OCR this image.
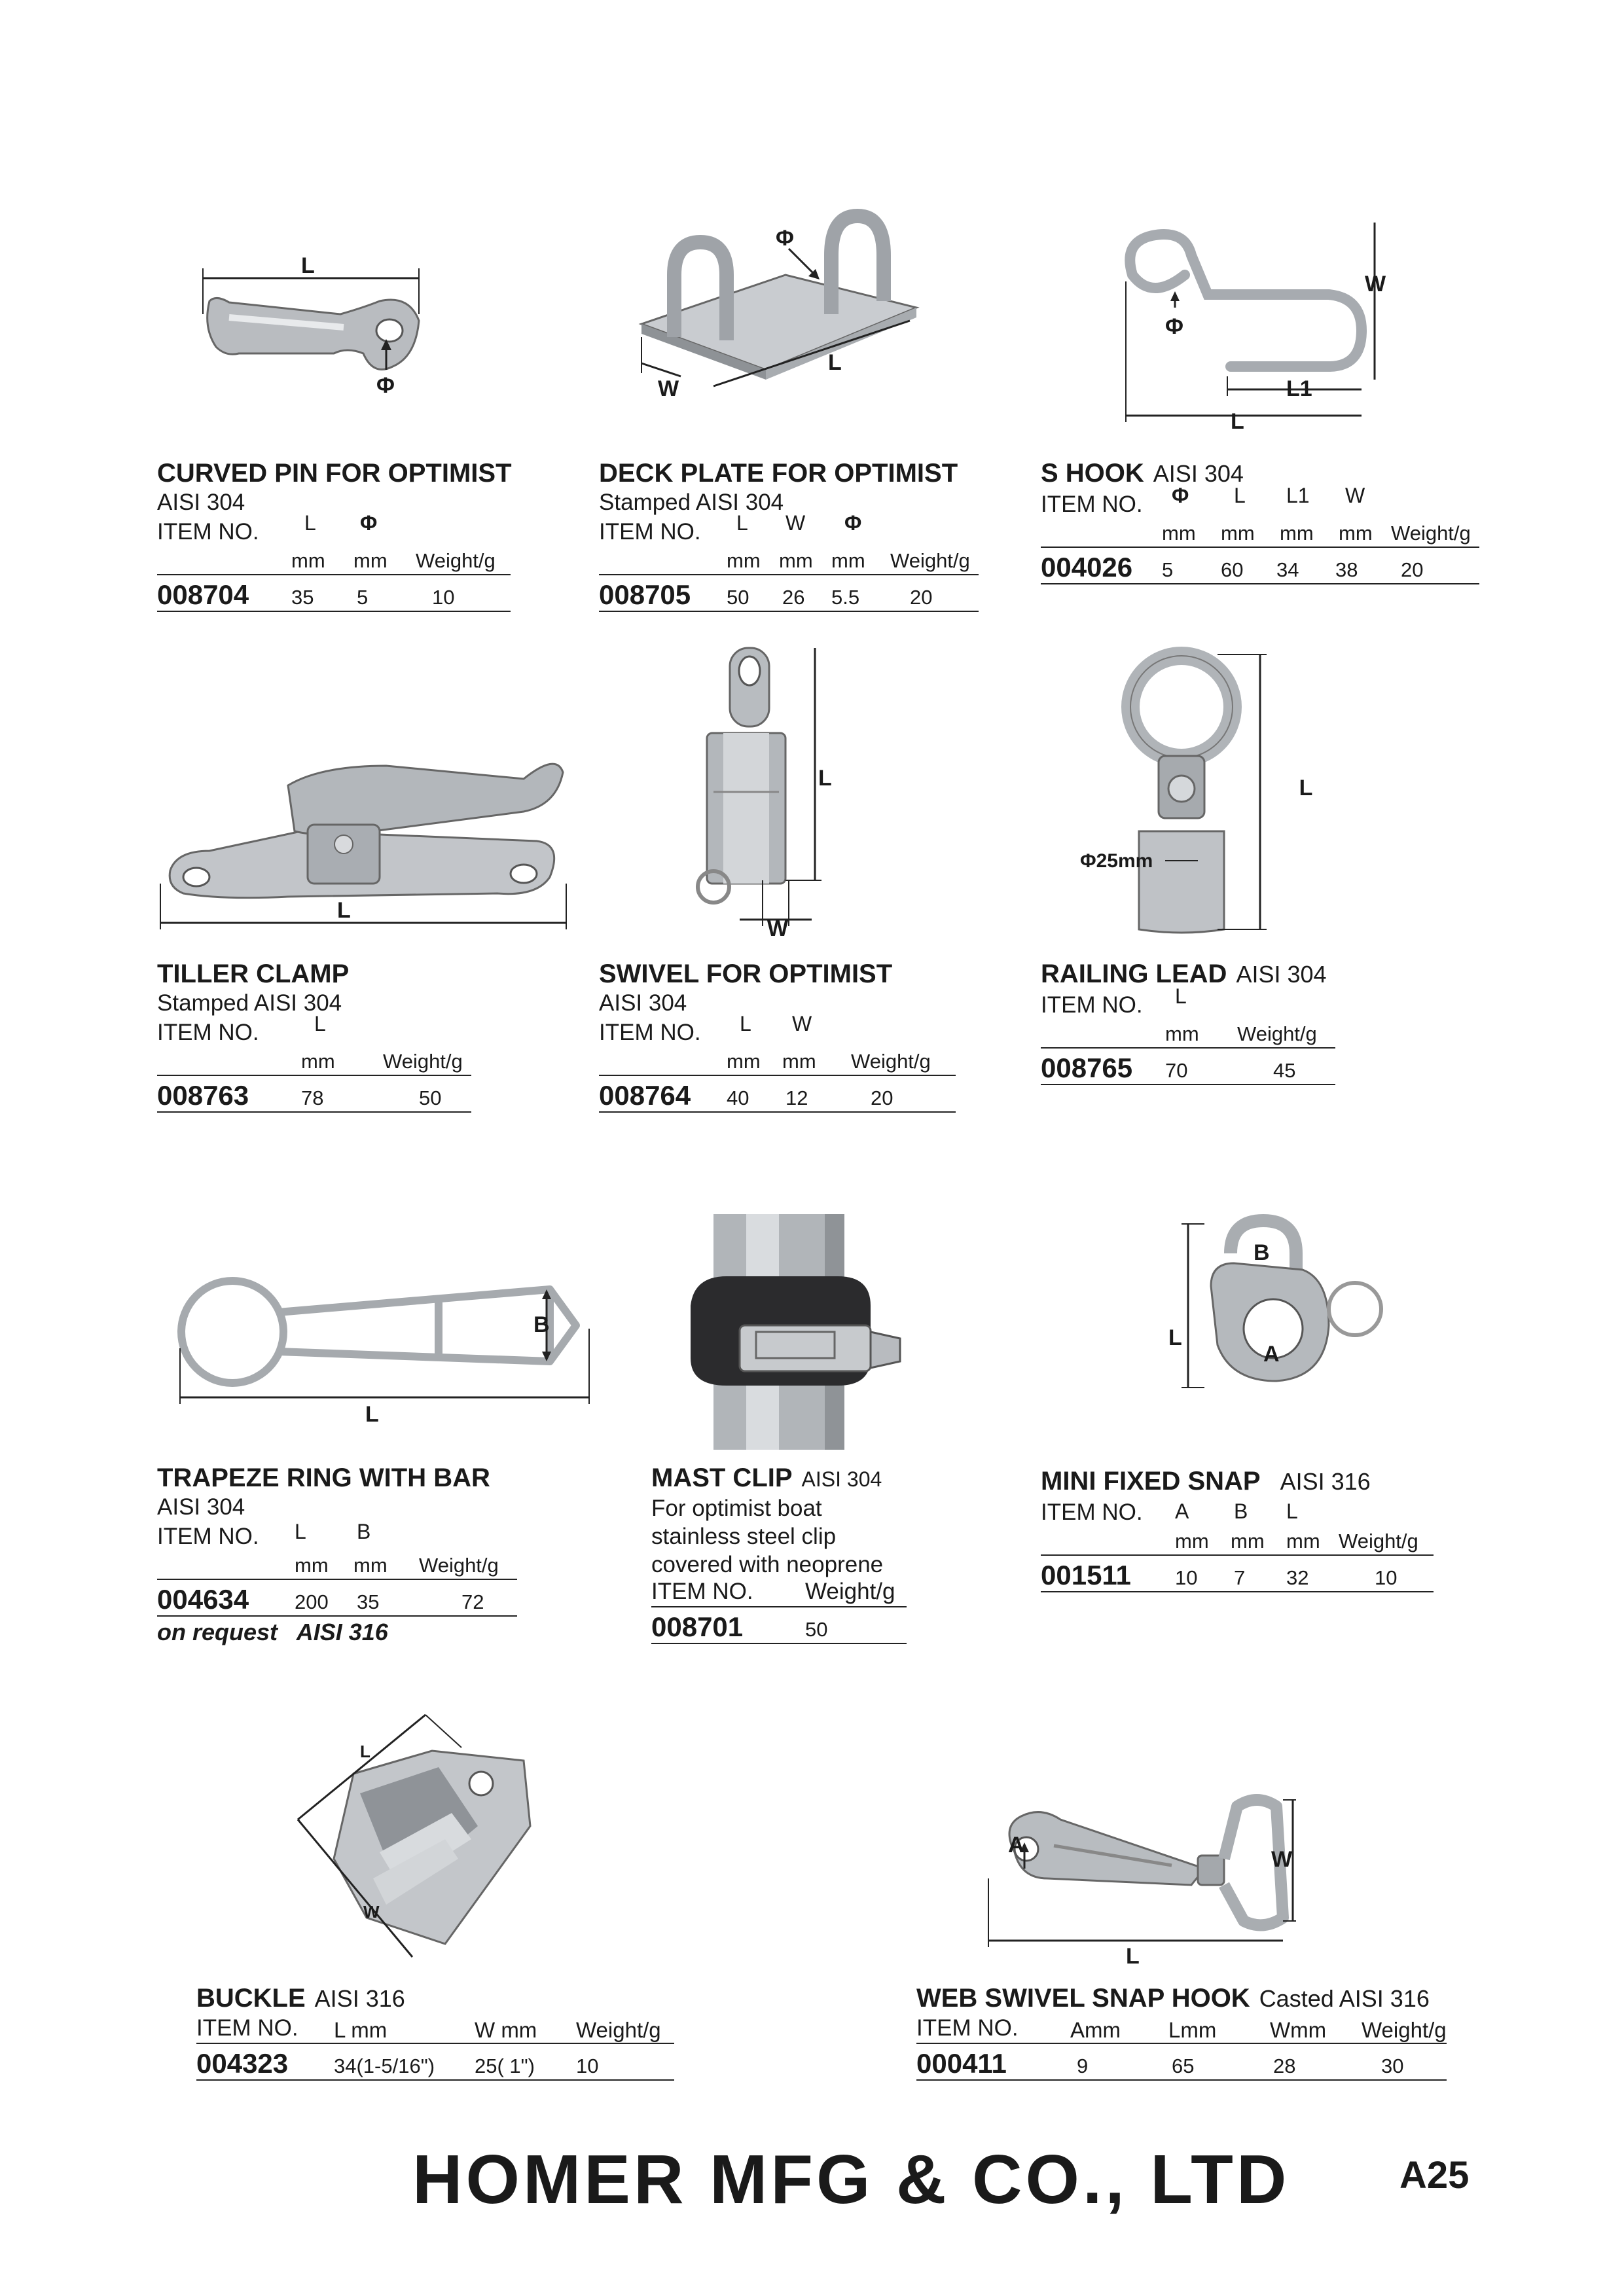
L
Φ
Φ
W
L
W
Φ
L1
L
L
L
W
Φ25mm
L
B
L
B
L
A
L
W
A
W
L
CURVED PIN FOR OPTIMIST
AISI 304
ITEM NO. L Φ
mm mm Weight/g
008704 35 5	10
DECK PLATE FOR OPTIMIST
Stamped AISI 304
ITEM NO. L W Φ
mm mm mm Weight/g
008705 50 26 5.5 20
S HOOK AISI 304
ITEM NO. Φ L L1 W
mm mm mm mm Weight/g
004026 5 60 34 38 20
TILLER CLAMP
Stamped AISI 304
ITEM NO.	L
mm Weight/g
008763	78	50
SWIVEL FOR OPTIMIST
AISI 304
ITEM NO. L W
mm mm Weight/g
008764 40 12	20
RAILING LEAD AISI 304
ITEM NO. L
mm Weight/g
008765 70	45
TRAPEZE RING WITH BAR
AISI 304
ITEM NO. L B
mm mm Weight/g
004634 200 35	72
on request   AISI 316
MAST CLIP AISI 304
For optimist boat
stainless steel clip
covered with neoprene
ITEM NO. Weight/g
008701	50
MINI FIXED SNAP AISI 316
ITEM NO. A B L
mm mm mm Weight/g
001511 10 7 32	10
BUCKLE AISI 316
ITEM NO. L mm	W mm Weight/g
004323 34(1-5/16") 25( 1") 10
WEB SWIVEL SNAP HOOK Casted AISI 316
ITEM NO. Amm Lmm Wmm Weight/g
000411	9	65	28	30
HOMER MFG & CO., LTD	A25
